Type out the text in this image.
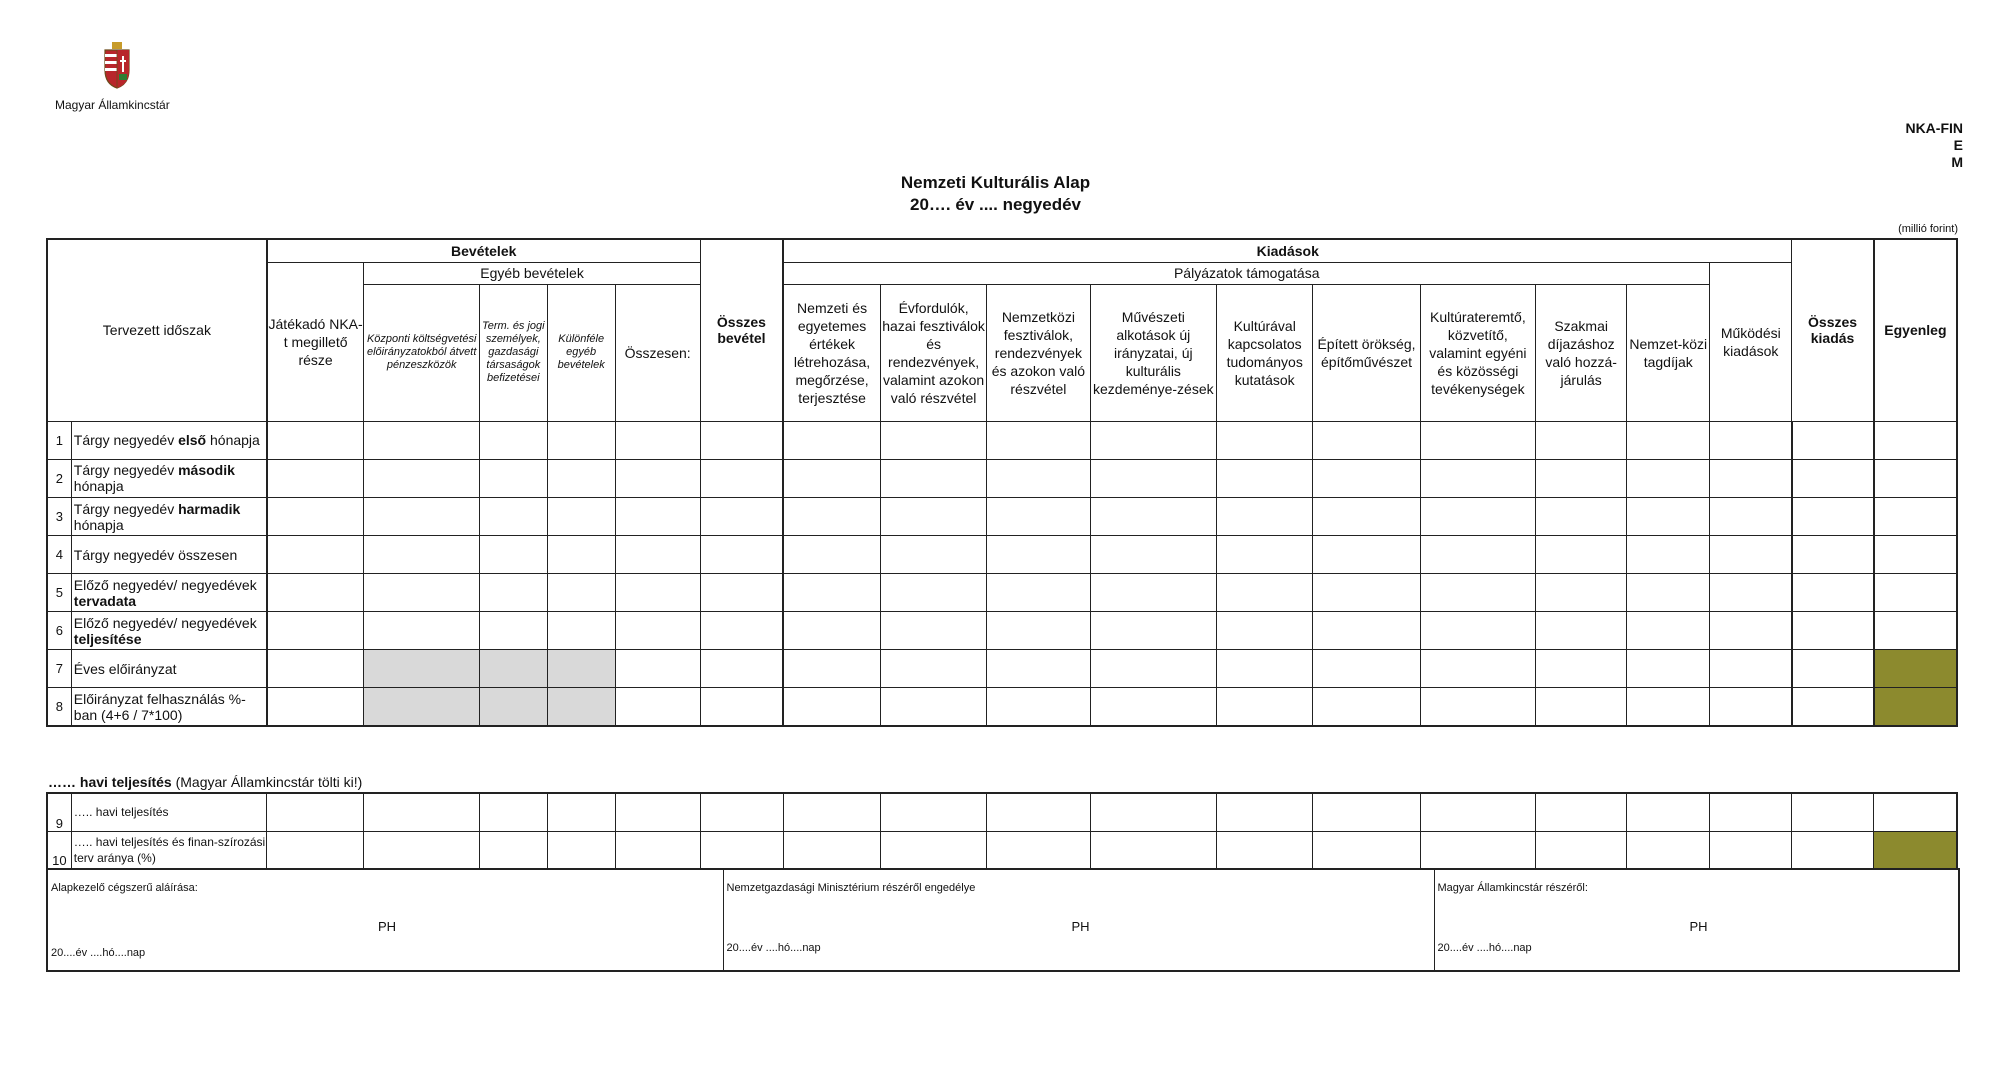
Magyar Államkincstár
NKA-FIN
E
M
Nemzeti Kulturális Alap
20…. év .... negyedév
(millió forint)
Tervezett időszak		Bevételek					Összes bevétel	Kiadások										Összes kiadás	Egyenleg
		Játékadó NKA-t megillető része	Egyéb bevételek					Pályázatok támogatása									Működési kiadások		
			Központi költségvetési előirányzatokból átvett pénzeszközök	Term. és jogi személyek, gazdasági társaságok befizetései	Különféle egyéb bevételek	Összesen:		Nemzeti és egyetemes értékek létrehozása, megőrzése, terjesztése	Évfordulók, hazai fesztiválok és rendezvények, valamint azokon való részvétel	Nemzetközi fesztiválok, rendezvények és azokon való részvétel	Művészeti alkotások új irányzatai, új kulturális kezdeménye-zések	Kultúrával kapcsolatos tudományos kutatások	Épített örökség, építőművészet	Kultúrateremtő, közvetítő, valamint egyéni és közösségi tevékenységek	Szakmai díjazáshoz való hozzá-járulás	Nemzet-közi tagdíjak			
1	Tárgy negyedév első hónapja																		
2	Tárgy negyedév második hónapja																		
3	Tárgy negyedév harmadik hónapja																		
4	Tárgy negyedév összesen																		
5	Előző negyedév/ negyedévek tervadata																		
6	Előző negyedév/ negyedévek teljesítése																		
7	Éves előirányzat																		
8	Előirányzat felhasználás %-ban (4+6 / 7*100)																		
…… havi teljesítés (Magyar Államkincstár tölti ki!)
9	….. havi teljesítés																		
10	….. havi teljesítés és finan-szírozási terv aránya (%)																		
Alapkezelő cégszerű aláírása:
PH
20....év ....hó....nap

Nemzetgazdasági Minisztérium részéről engedélye
PH
20....év ....hó....nap

Magyar Államkincstár részéről:
PH
20....év ....hó....nap
